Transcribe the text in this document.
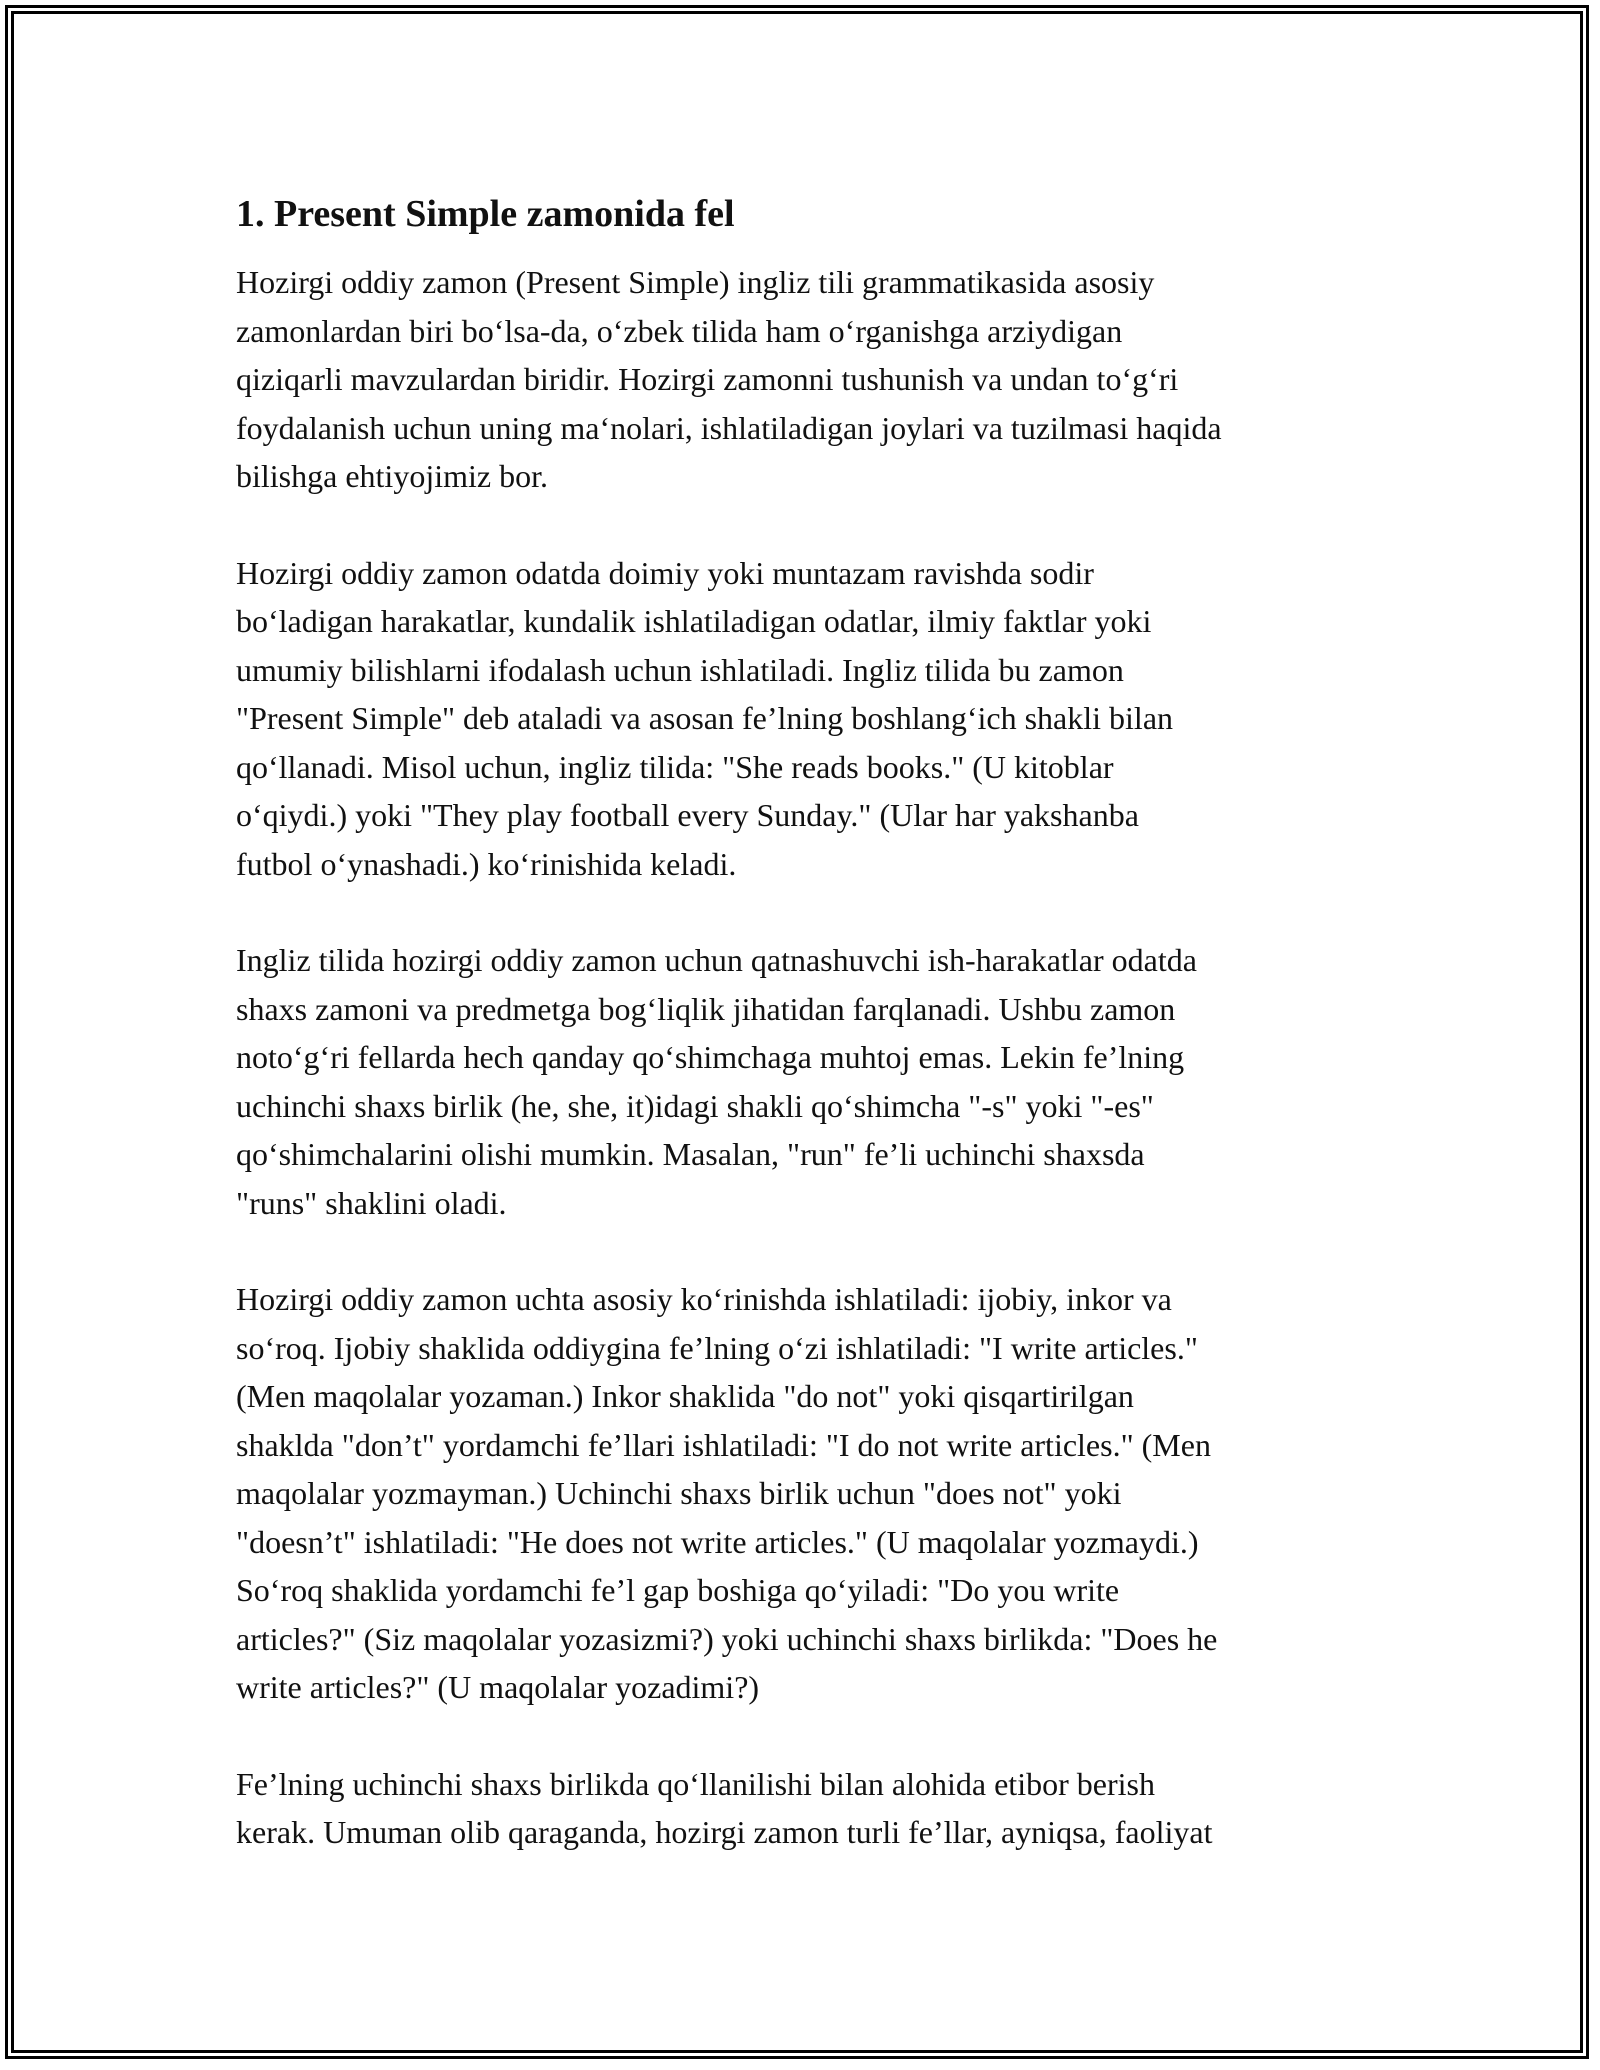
1. Present Simple zamonida fel

Hozirgi oddiy zamon (Present Simple) ingliz tili grammatikasida asosiy
zamonlardan biri bo‘lsa-da, o‘zbek tilida ham o‘rganishga arziydigan
qiziqarli mavzulardan biridir. Hozirgi zamonni tushunish va undan to‘g‘ri
foydalanish uchun uning ma‘nolari, ishlatiladigan joylari va tuzilmasi haqida
bilishga ehtiyojimiz bor.

Hozirgi oddiy zamon odatda doimiy yoki muntazam ravishda sodir
bo‘ladigan harakatlar, kundalik ishlatiladigan odatlar, ilmiy faktlar yoki
umumiy bilishlarni ifodalash uchun ishlatiladi. Ingliz tilida bu zamon
"Present Simple" deb ataladi va asosan fe’lning boshlang‘ich shakli bilan
qo‘llanadi. Misol uchun, ingliz tilida: "She reads books." (U kitoblar
o‘qiydi.) yoki "They play football every Sunday." (Ular har yakshanba
futbol o‘ynashadi.) ko‘rinishida keladi.

Ingliz tilida hozirgi oddiy zamon uchun qatnashuvchi ish-harakatlar odatda
shaxs zamoni va predmetga bog‘liqlik jihatidan farqlanadi. Ushbu zamon
noto‘g‘ri fellarda hech qanday qo‘shimchaga muhtoj emas. Lekin fe’lning
uchinchi shaxs birlik (he, she, it)idagi shakli qo‘shimcha "-s" yoki "-es"
qo‘shimchalarini olishi mumkin. Masalan, "run" fe’li uchinchi shaxsda
"runs" shaklini oladi.

Hozirgi oddiy zamon uchta asosiy ko‘rinishda ishlatiladi: ijobiy, inkor va
so‘roq. Ijobiy shaklida oddiygina fe’lning o‘zi ishlatiladi: "I write articles."
(Men maqolalar yozaman.) Inkor shaklida "do not" yoki qisqartirilgan
shaklda "don’t" yordamchi fe’llari ishlatiladi: "I do not write articles." (Men
maqolalar yozmayman.) Uchinchi shaxs birlik uchun "does not" yoki
"doesn’t" ishlatiladi: "He does not write articles." (U maqolalar yozmaydi.)
So‘roq shaklida yordamchi fe’l gap boshiga qo‘yiladi: "Do you write
articles?" (Siz maqolalar yozasizmi?) yoki uchinchi shaxs birlikda: "Does he
write articles?" (U maqolalar yozadimi?)

Fe’lning uchinchi shaxs birlikda qo‘llanilishi bilan alohida etibor berish
kerak. Umuman olib qaraganda, hozirgi zamon turli fe’llar, ayniqsa, faoliyat
